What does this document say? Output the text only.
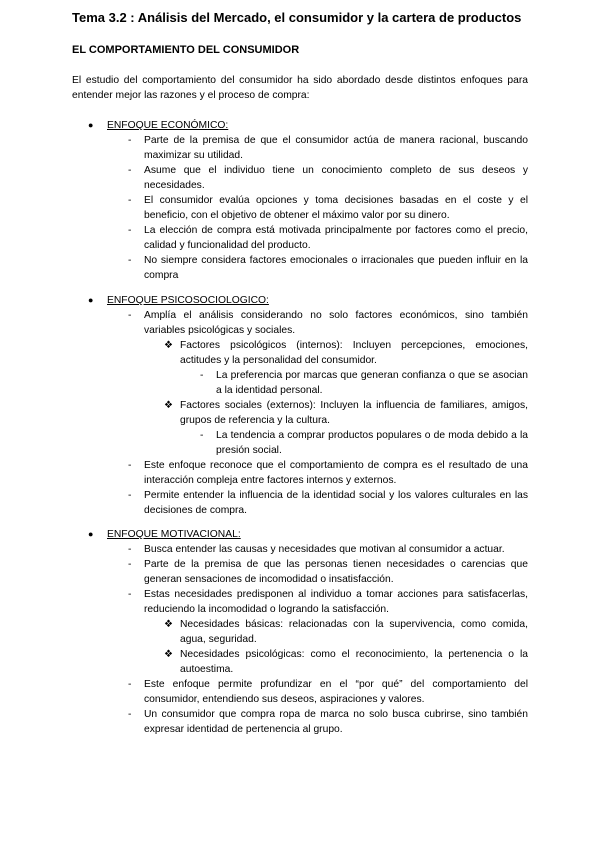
Tema 3.2 : Análisis del Mercado, el consumidor y la cartera de productos
EL COMPORTAMIENTO DEL CONSUMIDOR
El estudio del comportamiento del consumidor ha sido abordado desde distintos enfoques para entender mejor las razones y el proceso de compra:
● ENFOQUE ECONÓMICO:
- Parte de la premisa de que el consumidor actúa de manera racional, buscando maximizar su utilidad.
- Asume que el individuo tiene un conocimiento completo de sus deseos y necesidades.
- El consumidor evalúa opciones y toma decisiones basadas en el coste y el beneficio, con el objetivo de obtener el máximo valor por su dinero.
- La elección de compra está motivada principalmente por factores como el precio, calidad y funcionalidad del producto.
- No siempre considera factores emocionales o irracionales que pueden influir en la compra
● ENFOQUE PSICOSOCIOLOGICO:
- Amplía el análisis considerando no solo factores económicos, sino también variables psicológicas y sociales.
❖ Factores psicológicos (internos): Incluyen percepciones, emociones, actitudes y la personalidad del consumidor.
- La preferencia por marcas que generan confianza o que se asocian a la identidad personal.
❖ Factores sociales (externos): Incluyen la influencia de familiares, amigos, grupos de referencia y la cultura.
- La tendencia a comprar productos populares o de moda debido a la presión social.
- Este enfoque reconoce que el comportamiento de compra es el resultado de una interacción compleja entre factores internos y externos.
- Permite entender la influencia de la identidad social y los valores culturales en las decisiones de compra.
● ENFOQUE MOTIVACIONAL:
- Busca entender las causas y necesidades que motivan al consumidor a actuar.
- Parte de la premisa de que las personas tienen necesidades o carencias que generan sensaciones de incomodidad o insatisfacción.
- Estas necesidades predisponen al individuo a tomar acciones para satisfacerlas, reduciendo la incomodidad o logrando la satisfacción.
❖ Necesidades básicas: relacionadas con la supervivencia, como comida, agua, seguridad.
❖ Necesidades psicológicas: como el reconocimiento, la pertenencia o la autoestima.
- Este enfoque permite profundizar en el “por qué” del comportamiento del consumidor, entendiendo sus deseos, aspiraciones y valores.
- Un consumidor que compra ropa de marca no solo busca cubrirse, sino también expresar identidad de pertenencia al grupo.
